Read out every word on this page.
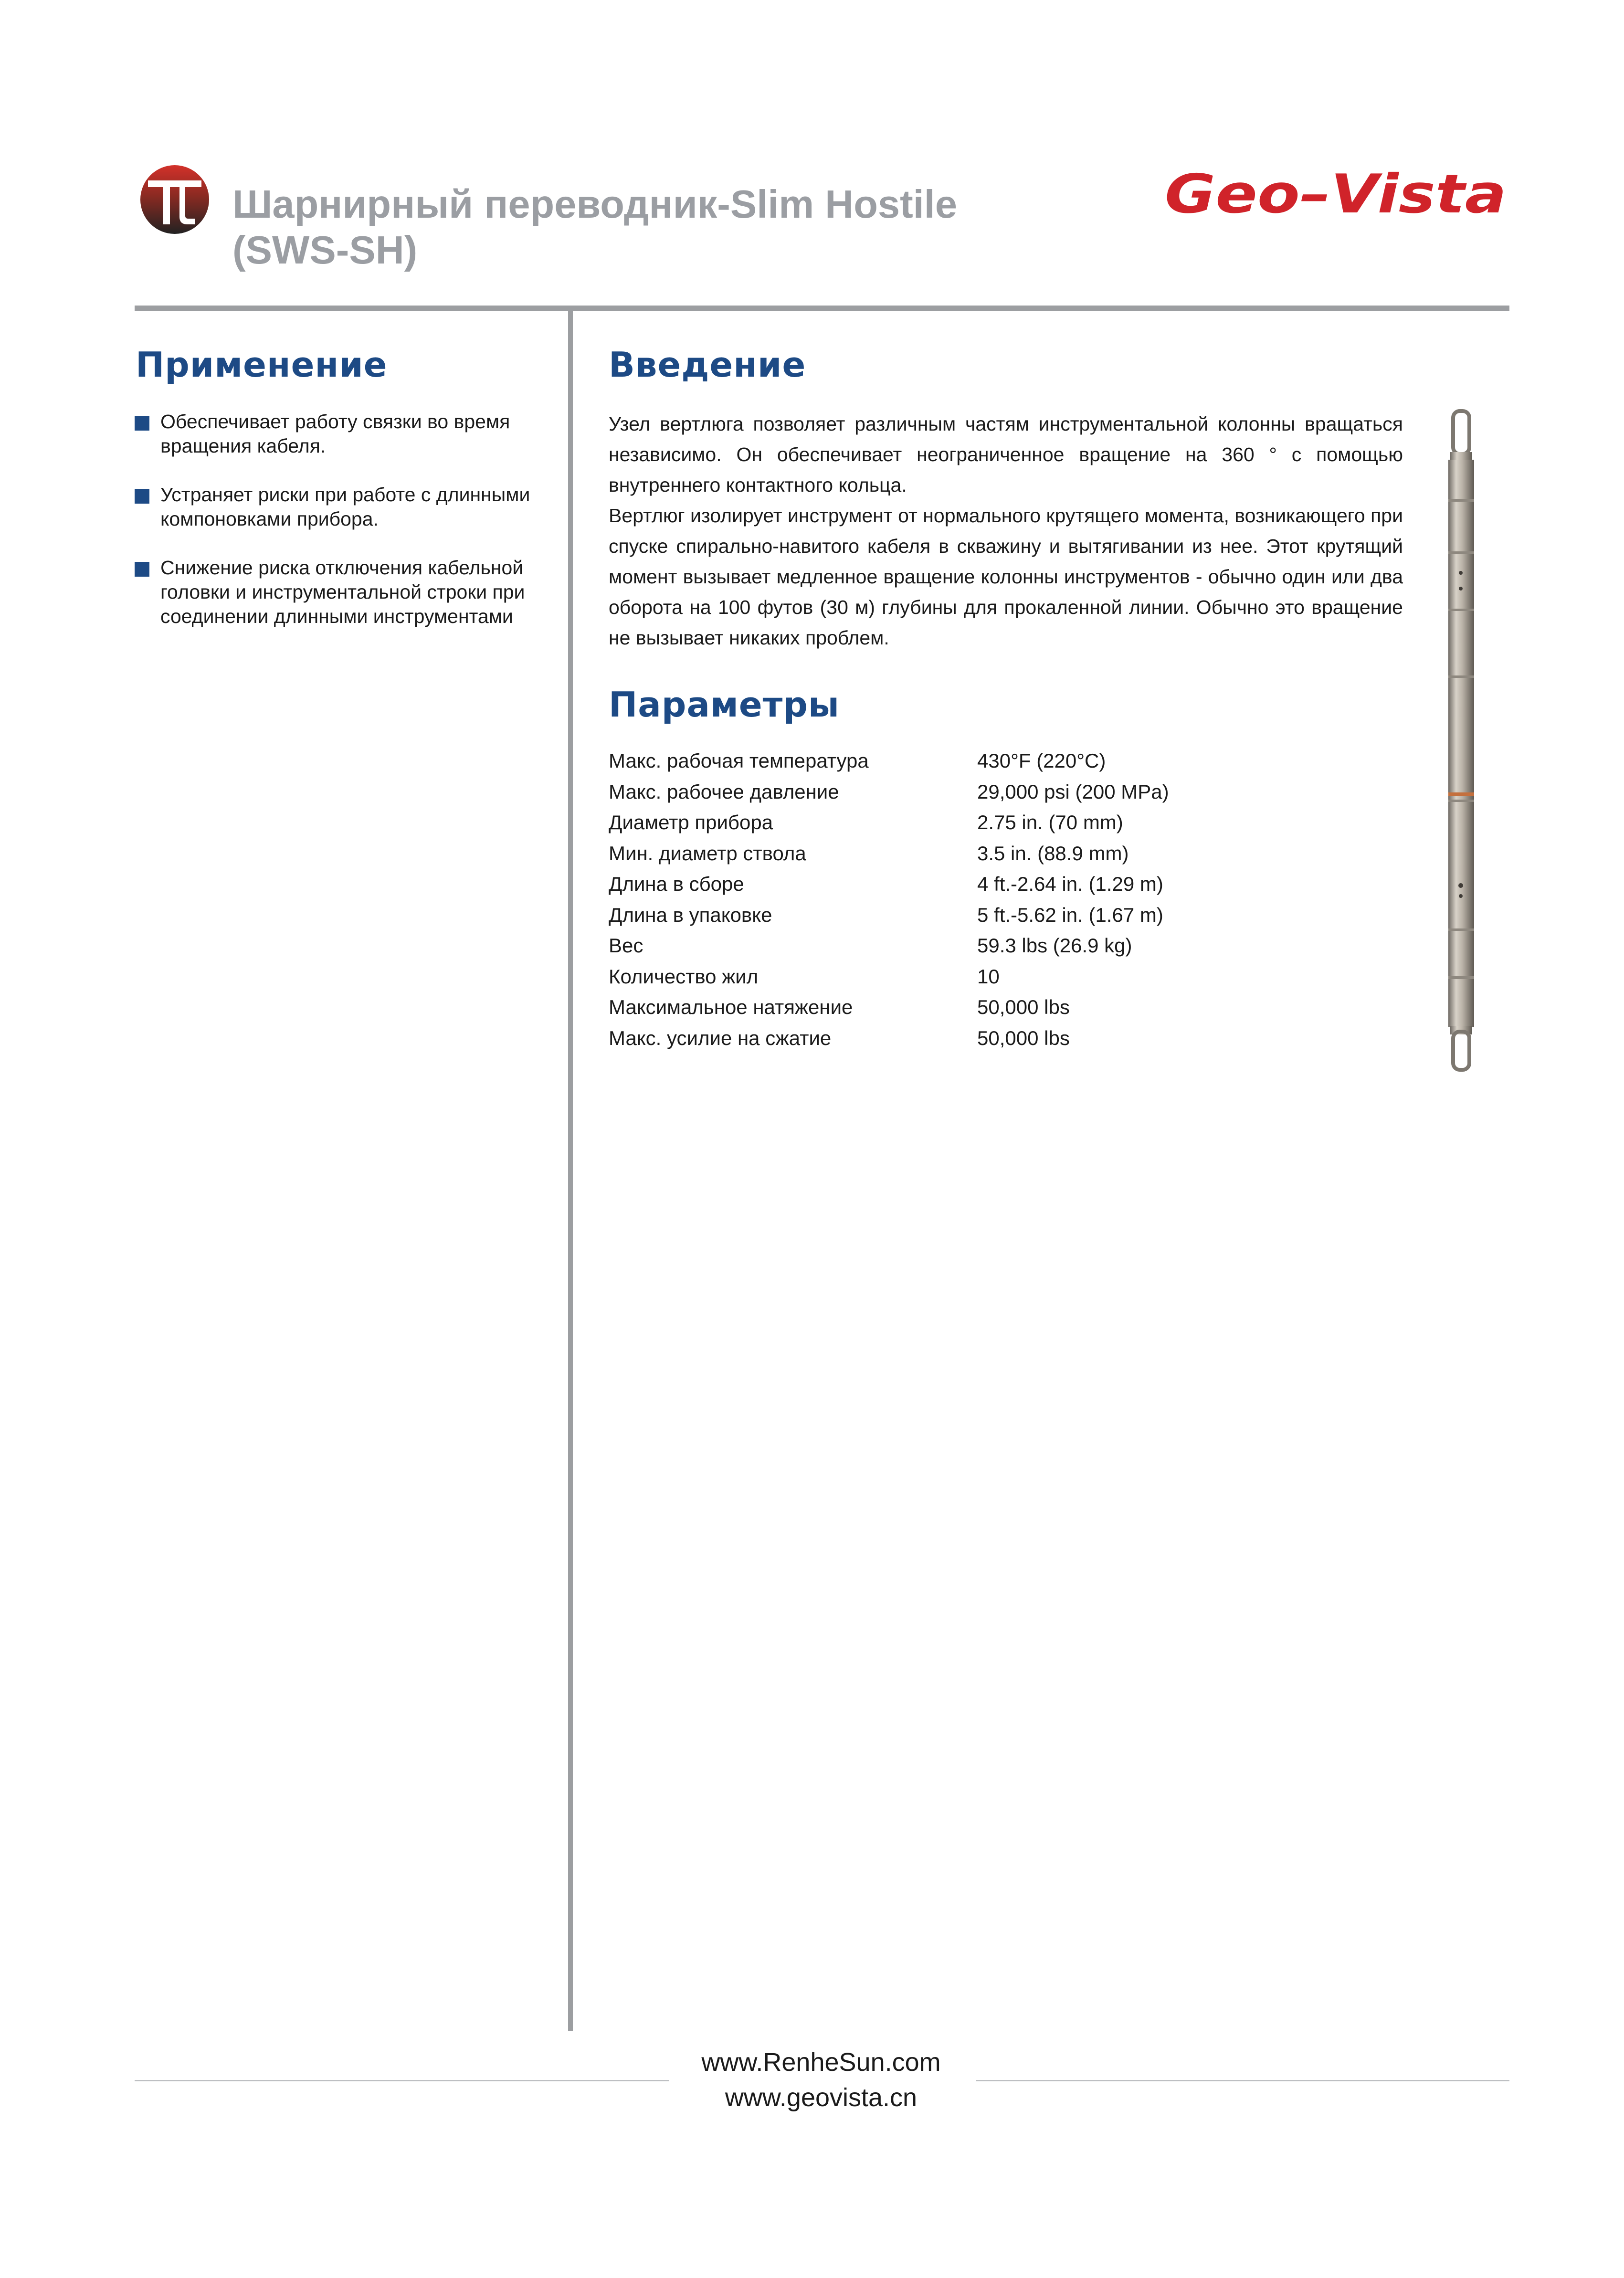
Шарнирный переводник-Slim Hostile
(SWS-SH)
Geo–Vista
Применение
Обеспечивает работу связки во время вращения кабеля.
Устраняет риски при работе с длинными компоновками прибора.
Снижение риска отключения кабельной головки и инструментальной строки при соединении длинными инструментами
Введение

Узел вертлюга позволяет различным частям инструментальной колонны вращаться независимо. Он обеспечивает неограниченное вращение на 360 ° с помощью внутреннего контактного кольца.

Вертлюг изолирует инструмент от нормального крутящего момента, возникающего при спуске спирально-навитого кабеля в скважину и вытягивании из нее. Этот крутящий момент вызывает медленное вращение колонны инструментов - обычно один или два оборота на 100 футов (30 м) глубины для прокаленной линии. Обычно это вращение не вызывает никаких проблем.

Параметры
Макс. рабочая температура	430°F (220°C)
Макс. рабочее давление	29,000 psi (200 MPa)
Диаметр прибора	2.75 in. (70 mm)
Мин. диаметр ствола	3.5 in. (88.9 mm)
Длина в сборе	4 ft.-2.64 in. (1.29 m)
Длина в упаковке	5 ft.-5.62 in. (1.67 m)
Вес	59.3 lbs (26.9 kg)
Количество жил	10
Максимальное натяжение	50,000 lbs
Макс. усилие на сжатие	50,000 lbs
www.RenheSun.com
www.geovista.cn
